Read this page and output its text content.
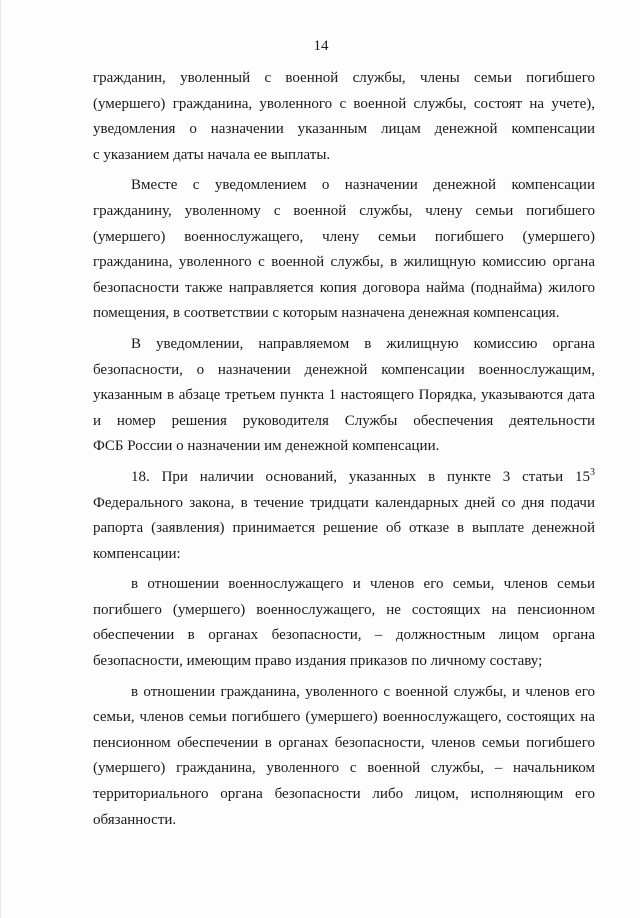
14

гражданин, уволенный с военной службы, члены семьи погибшего
(умершего) гражданина, уволенного с военной службы, состоят на учете),
уведомления о назначении указанным лицам денежной компенсации
с указанием даты начала ее выплаты.

Вместе с уведомлением о назначении денежной компенсации
гражданину, уволенному с военной службы, члену семьи погибшего
(умершего) военнослужащего, члену семьи погибшего (умершего)
гражданина, уволенного с военной службы, в жилищную комиссию органа
безопасности также направляется копия договора найма (поднайма) жилого
помещения, в соответствии с которым назначена денежная компенсация.

В уведомлении, направляемом в жилищную комиссию органа
безопасности, о назначении денежной компенсации военнослужащим,
указанным в абзаце третьем пункта 1 настоящего Порядка, указываются дата
и номер решения руководителя Службы обеспечения деятельности
ФСБ России о назначении им денежной компенсации.

18. При наличии оснований, указанных в пункте 3 статьи $15^3$
Федерального закона, в течение тридцати календарных дней со дня подачи
рапорта (заявления) принимается решение об отказе в выплате денежной
компенсации:

в отношении военнослужащего и членов его семьи, членов семьи
погибшего (умершего) военнослужащего, не состоящих на пенсионном
обеспечении в органах безопасности, – должностным лицом органа
безопасности, имеющим право издания приказов по личному составу;

в отношении гражданина, уволенного с военной службы, и членов его
семьи, членов семьи погибшего (умершего) военнослужащего, состоящих на
пенсионном обеспечении в органах безопасности, членов семьи погибшего
(умершего) гражданина, уволенного с военной службы, – начальником
территориального органа безопасности либо лицом, исполняющим его
обязанности.
